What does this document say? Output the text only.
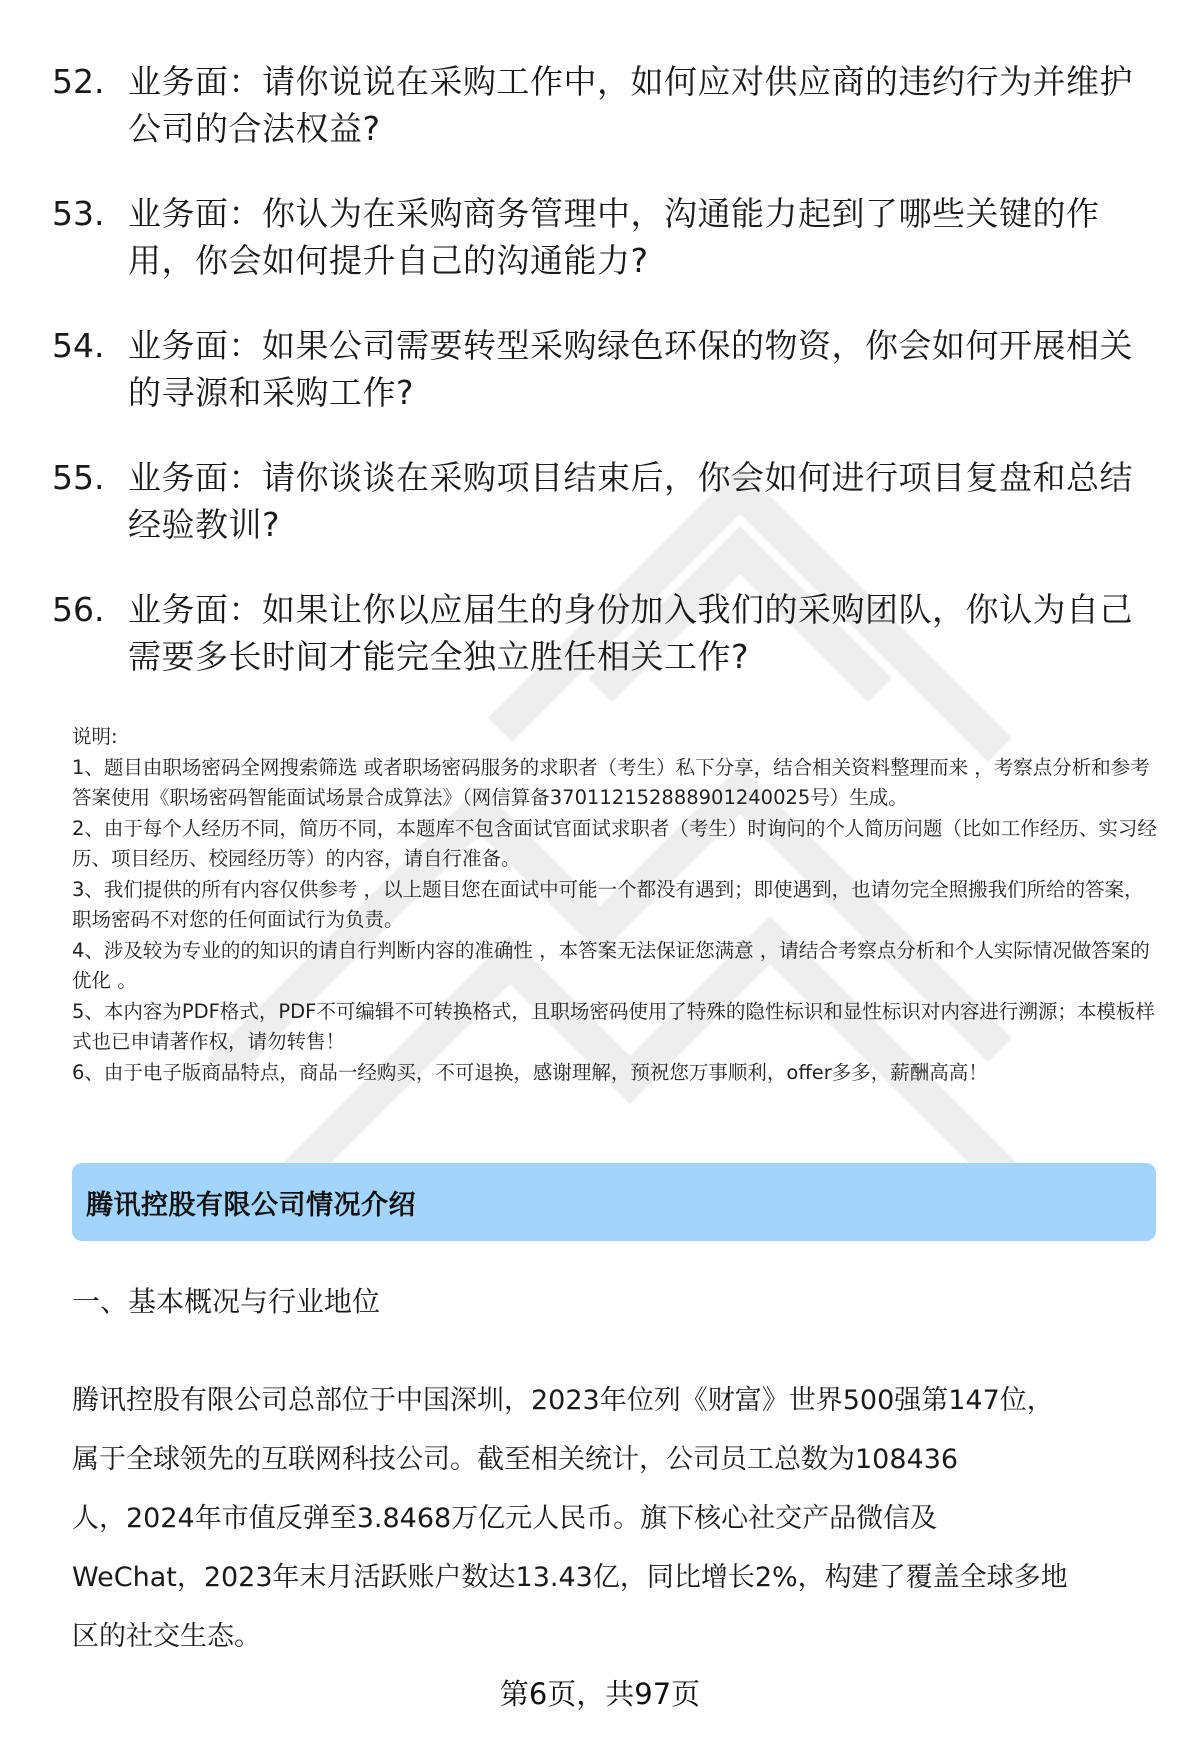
52. 业务面：请你说说在采购工作中，如何应对供应商的违约行为并维护公司的合法权益?
53. 业务面：你认为在采购商务管理中，沟通能力起到了哪些关键的作用，你会如何提升自己的沟通能力?
54. 业务面：如果公司需要转型采购绿色环保的物资，你会如何开展相关的寻源和采购工作?
55. 业务面：请你谈谈在采购项目结束后，你会如何进行项目复盘和总结经验教训?
56. 业务面：如果让你以应届生的身份加入我们的采购团队，你认为自己需要多长时间才能完全独立胜任相关工作?

说明:

1、题目由职场密码全网搜索筛选 或者职场密码服务的求职者（考生）私下分享，结合相关资料整理而来 ，考察点分析和参考答案使用《职场密码智能面试场景合成算法》（网信算备370112152888901240025号）生成。

2、由于每个人经历不同，简历不同，本题库不包含面试官面试求职者（考生）时询问的个人简历问题（比如工作经历、实习经历、项目经历、校园经历等）的内容，请自行准备。

3、我们提供的所有内容仅供参考 ，以上题目您在面试中可能一个都没有遇到；即使遇到，也请勿完全照搬我们所给的答案，职场密码不对您的任何面试行为负责。

4、涉及较为专业的的知识的请自行判断内容的准确性 ，本答案无法保证您满意 ，请结合考察点分析和个人实际情况做答案的优化 。

5、本内容为PDF格式，PDF不可编辑不可转换格式，且职场密码使用了特殊的隐性标识和显性标识对内容进行溯源；本模板样式也已申请著作权，请勿转售！

6、由于电子版商品特点，商品一经购买，不可退换，感谢理解，预祝您万事顺利，offer多多，薪酬高高！

腾讯控股有限公司情况介绍
一、基本概况与行业地位

腾讯控股有限公司总部位于中国深圳，2023年位列《财富》世界500强第147位，

属于全球领先的互联网科技公司。截至相关统计，公司员工总数为108436

人，2024年市值反弹至3.8468万亿元人民币。旗下核心社交产品微信及

WeChat，2023年末月活跃账户数达13.43亿，同比增长2%，构建了覆盖全球多地

区的社交生态。

第6页，共97页
